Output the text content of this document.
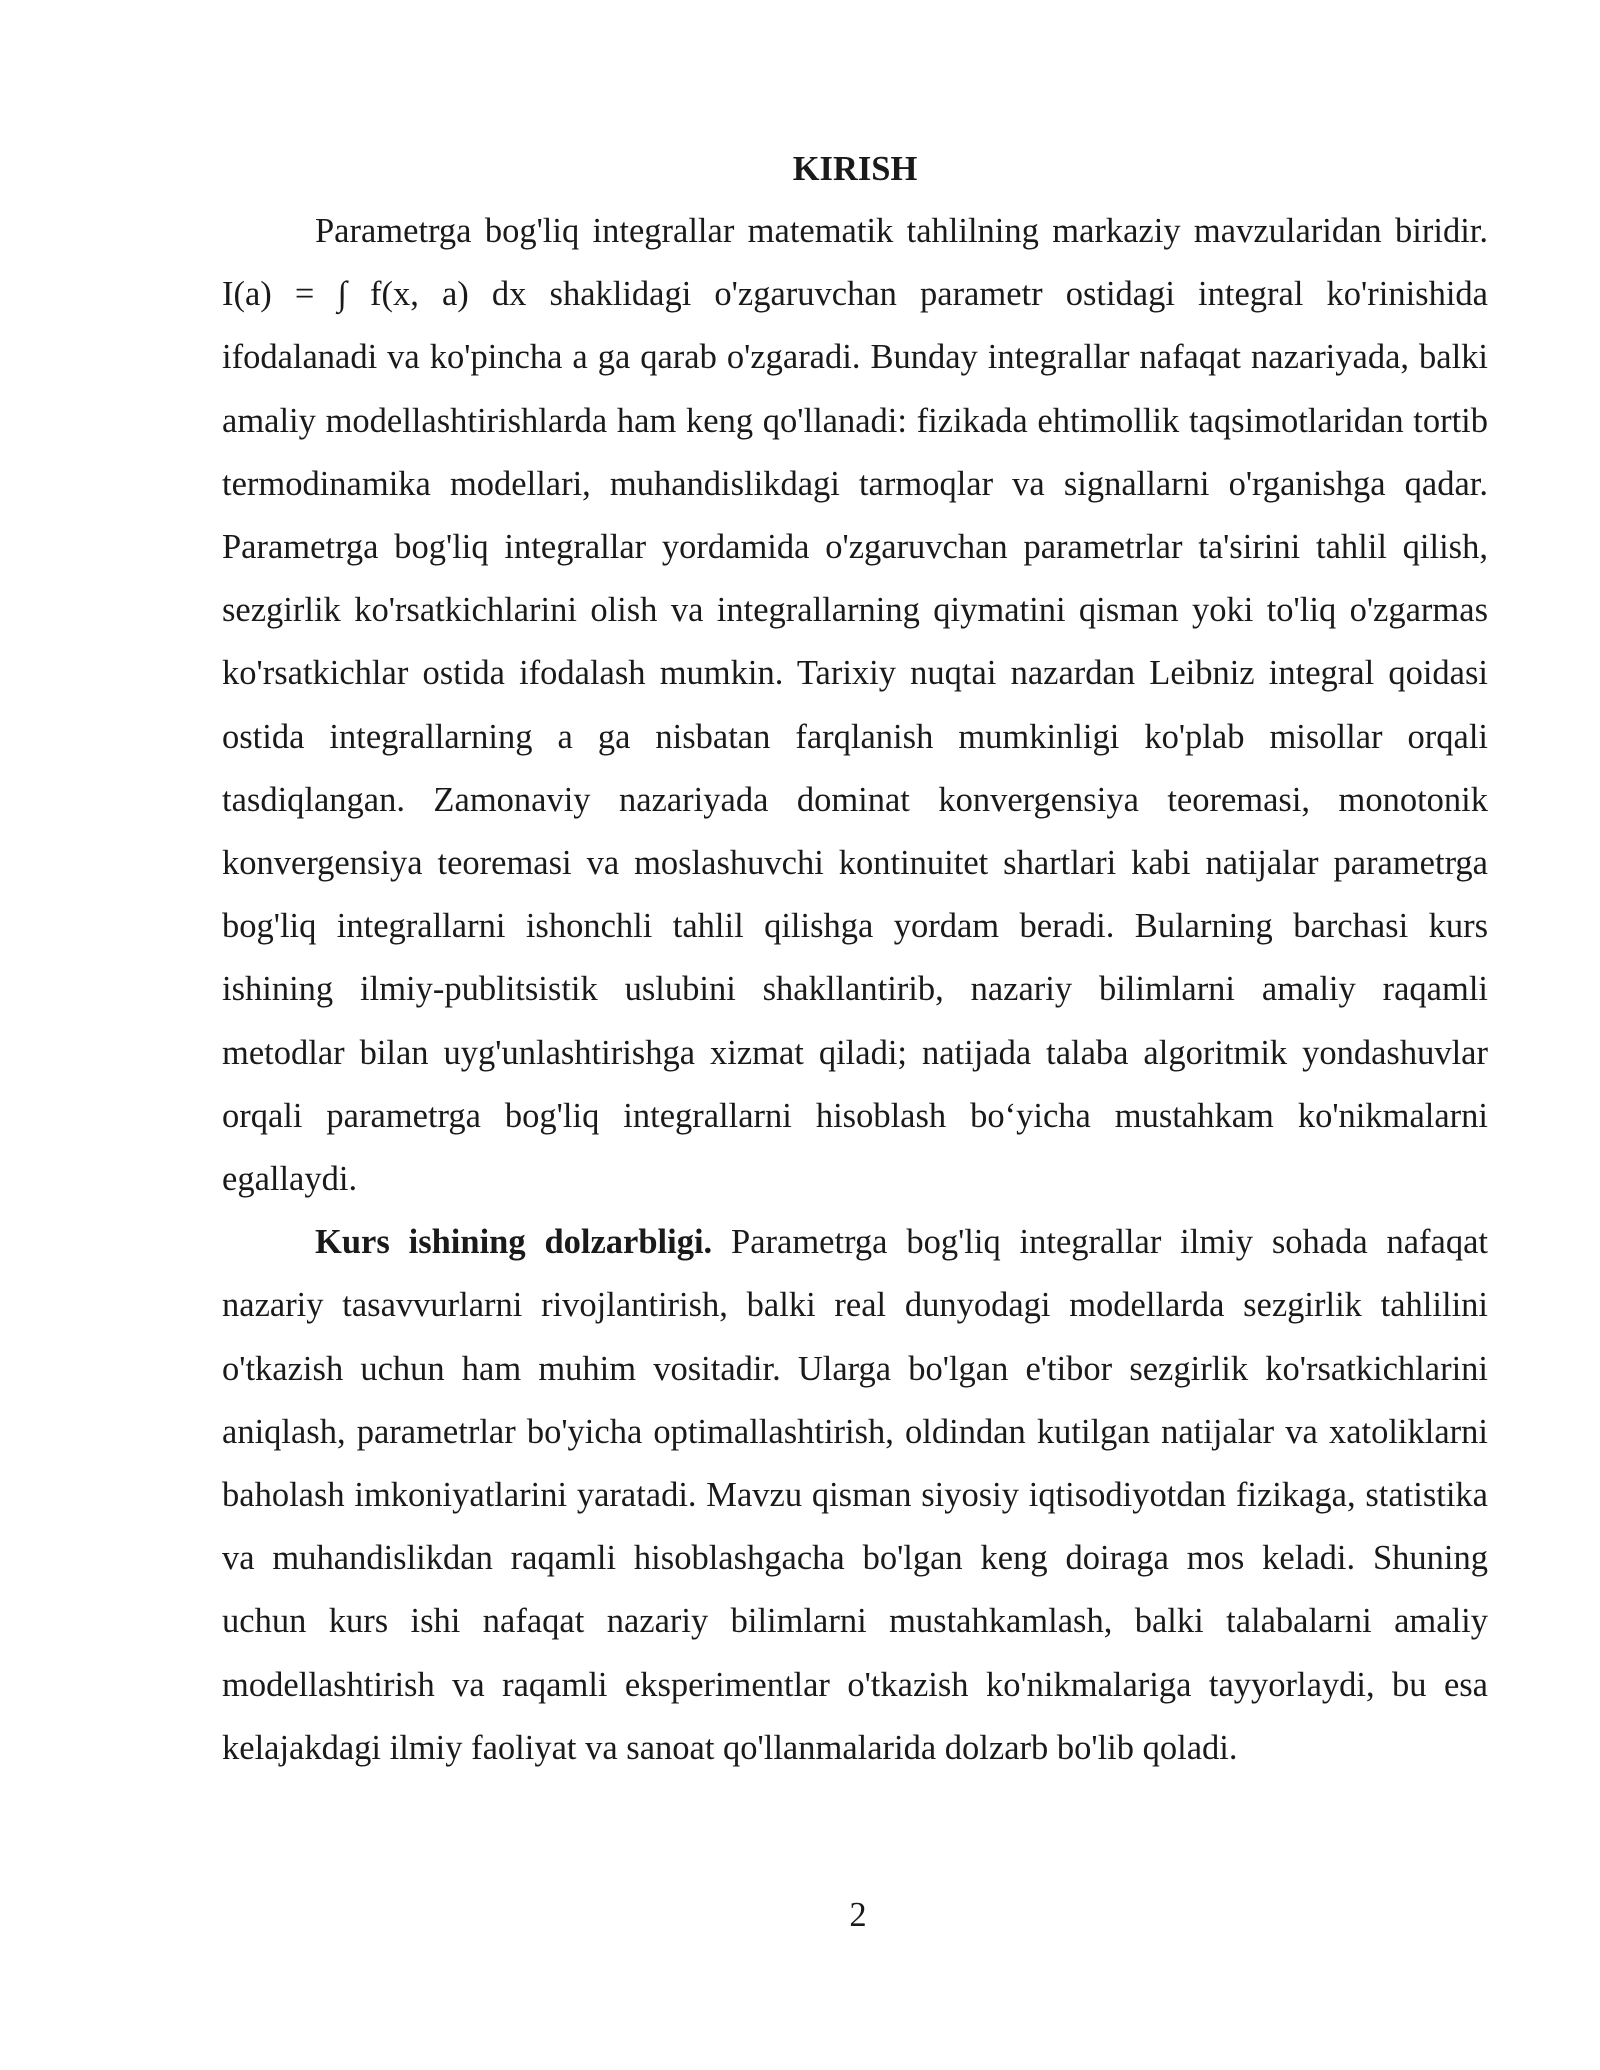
KIRISH

Parametrga bog'liq integrallar matematik tahlilning markaziy mavzularidan biridir. I(a) = ∫ f(x, a) dx shaklidagi o'zgaruvchan parametr ostidagi integral ko'rinishida ifodalanadi va ko'pincha a ga qarab o'zgaradi. Bunday integrallar nafaqat nazariyada, balki amaliy modellashtirishlarda ham keng qo'llanadi: fizikada ehtimollik taqsimotlaridan tortib termodinamika modellari, muhandislikdagi tarmoqlar va signallarni o'rganishga qadar. Parametrga bog'liq integrallar yordamida o'zgaruvchan parametrlar ta'sirini tahlil qilish, sezgirlik ko'rsatkichlarini olish va integrallarning qiymatini qisman yoki to'liq o'zgarmas ko'rsatkichlar ostida ifodalash mumkin. Tarixiy nuqtai nazardan Leibniz integral qoidasi ostida integrallarning a ga nisbatan farqlanish mumkinligi ko'plab misollar orqali tasdiqlangan. Zamonaviy nazariyada dominat konvergensiya teoremasi, monotonik konvergensiya teoremasi va moslashuvchi kontinuitet shartlari kabi natijalar parametrga bog'liq integrallarni ishonchli tahlil qilishga yordam beradi. Bularning barchasi kurs ishining ilmiy-publitsistik uslubini shakllantirib, nazariy bilimlarni amaliy raqamli metodlar bilan uyg'unlashtirishga xizmat qiladi; natijada talaba algoritmik yondashuvlar orqali parametrga bog'liq integrallarni hisoblash bo‘yicha mustahkam ko'nikmalarni egallaydi.

Kurs ishining dolzarbligi. Parametrga bog'liq integrallar ilmiy sohada nafaqat nazariy tasavvurlarni rivojlantirish, balki real dunyodagi modellarda sezgirlik tahlilini o'tkazish uchun ham muhim vositadir. Ularga bo'lgan e'tibor sezgirlik ko'rsatkichlarini aniqlash, parametrlar bo'yicha optimallashtirish, oldindan kutilgan natijalar va xatoliklarni baholash imkoniyatlarini yaratadi. Mavzu qisman siyosiy iqtisodiyotdan fizikaga, statistika va muhandislikdan raqamli hisoblashgacha bo'lgan keng doiraga mos keladi. Shuning uchun kurs ishi nafaqat nazariy bilimlarni mustahkamlash, balki talabalarni amaliy modellashtirish va raqamli eksperimentlar o'tkazish ko'nikmalariga tayyorlaydi, bu esa kelajakdagi ilmiy faoliyat va sanoat qo'llanmalarida dolzarb bo'lib qoladi.

2
